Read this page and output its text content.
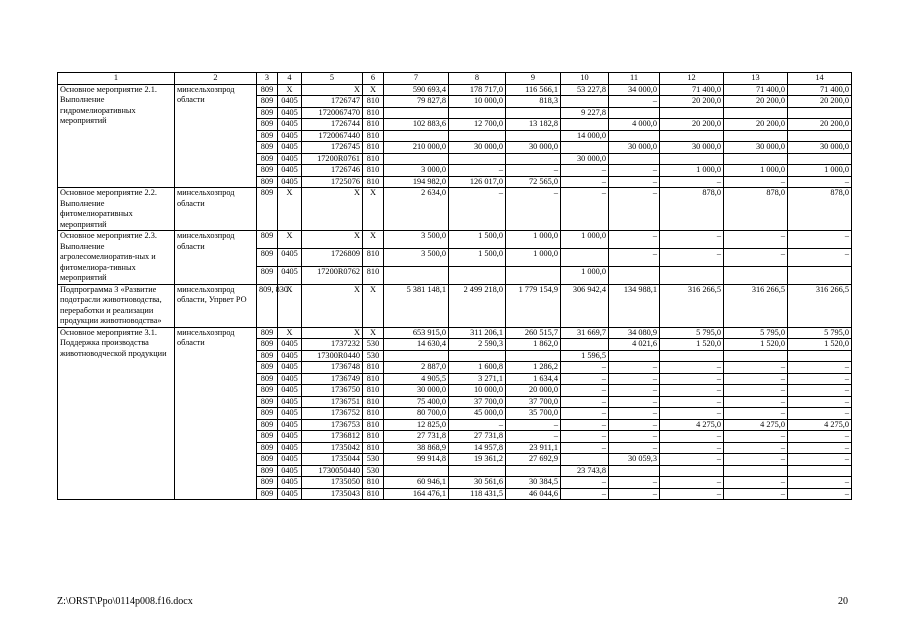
1	2	3	4	5	6	7	8	9	10	11	12	13	14
Основное мероприятие 2.1. Выполнение гидромелиоративных мероприятий	минсельхозпрод области	809	Х	Х	Х	590 693,4	178 717,0	116 566,1	53 227,8	34 000,0	71 400,0	71 400,0	71 400,0
		809	0405	1726747	810	79 827,8	10 000,0	818,3		–	20 200,0	20 200,0	20 200,0
		809	0405	1720067470	810				9 227,8				
		809	0405	1726744	810	102 883,6	12 700,0	13 182,8		4 000,0	20 200,0	20 200,0	20 200,0
		809	0405	1720067440	810				14 000,0				
		809	0405	1726745	810	210 000,0	30 000,0	30 000,0		30 000,0	30 000,0	30 000,0	30 000,0
		809	0405	17200R0761	810				30 000,0				
		809	0405	1726746	810	3 000,0	–	–	–	–	1 000,0	1 000,0	1 000,0
		809	0405	1725076	810	194 982,0	126 017,0	72 565,0	–	–	–	–	–
Основное мероприятие 2.2. Выполнение фитомелиоративных мероприятий	минсельхозпрод области	809	Х	Х	Х	2 634,0	–	–	–	–	878,0	878,0	878,0
Основное мероприятие 2.3. Выполнение агролесомелиоратив-ных и фитомелиора-тивных мероприятий	минсельхозпрод области	809	Х	Х	Х	3 500,0	1 500,0	1 000,0	1 000,0	–	–	–	–
		809	0405	1726809	810	3 500,0	1 500,0	1 000,0		–	–	–	–
		809	0405	17200R0762	810				1 000,0				
Подпрограмма 3 «Развитие подотрасли животноводства, переработки и реализации продукции животноводства»	минсельхозпрод области, Упрвет РО	809, 830	Х	Х	Х	5 381 148,1	2 499 218,0	1 779 154,9	306 942,4	134 988,1	316 266,5	316 266,5	316 266,5
Основное мероприятие 3.1. Поддержка производства животноводческой продукции	минсельхозпрод области	809	Х	Х	Х	653 915,0	311 206,1	260 515,7	31 669,7	34 080,9	5 795,0	5 795,0	5 795,0
		809	0405	1737232	530	14 630,4	2 590,3	1 862,0		4 021,6	1 520,0	1 520,0	1 520,0
		809	0405	17300R0440	530				1 596,5				
		809	0405	1736748	810	2 887,0	1 600,8	1 286,2	–	–	–	–	–
		809	0405	1736749	810	4 905,5	3 271,1	1 634,4	–	–	–	–	–
		809	0405	1736750	810	30 000,0	10 000,0	20 000,0	–	–	–	–	–
		809	0405	1736751	810	75 400,0	37 700,0	37 700,0	–	–	–	–	–
		809	0405	1736752	810	80 700,0	45 000,0	35 700,0	–	–	–	–	–
		809	0405	1736753	810	12 825,0	–	–	–	–	4 275,0	4 275,0	4 275,0
		809	0405	1736812	810	27 731,8	27 731,8	–	–	–	–	–	–
		809	0405	1735042	810	38 868,9	14 957,8	23 911,1	–	–	–	–	–
		809	0405	1735044	530	99 914,8	19 361,2	27 692,9		30 059,3	–	–	–
		809	0405	1730050440	530				23 743,8				
		809	0405	1735050	810	60 946,1	30 561,6	30 384,5	–	–	–	–	–
		809	0405	1735043	810	164 476,1	118 431,5	46 044,6	–	–	–	–	–
Z:\ORST\Ppo\0114p008.f16.docx	20
